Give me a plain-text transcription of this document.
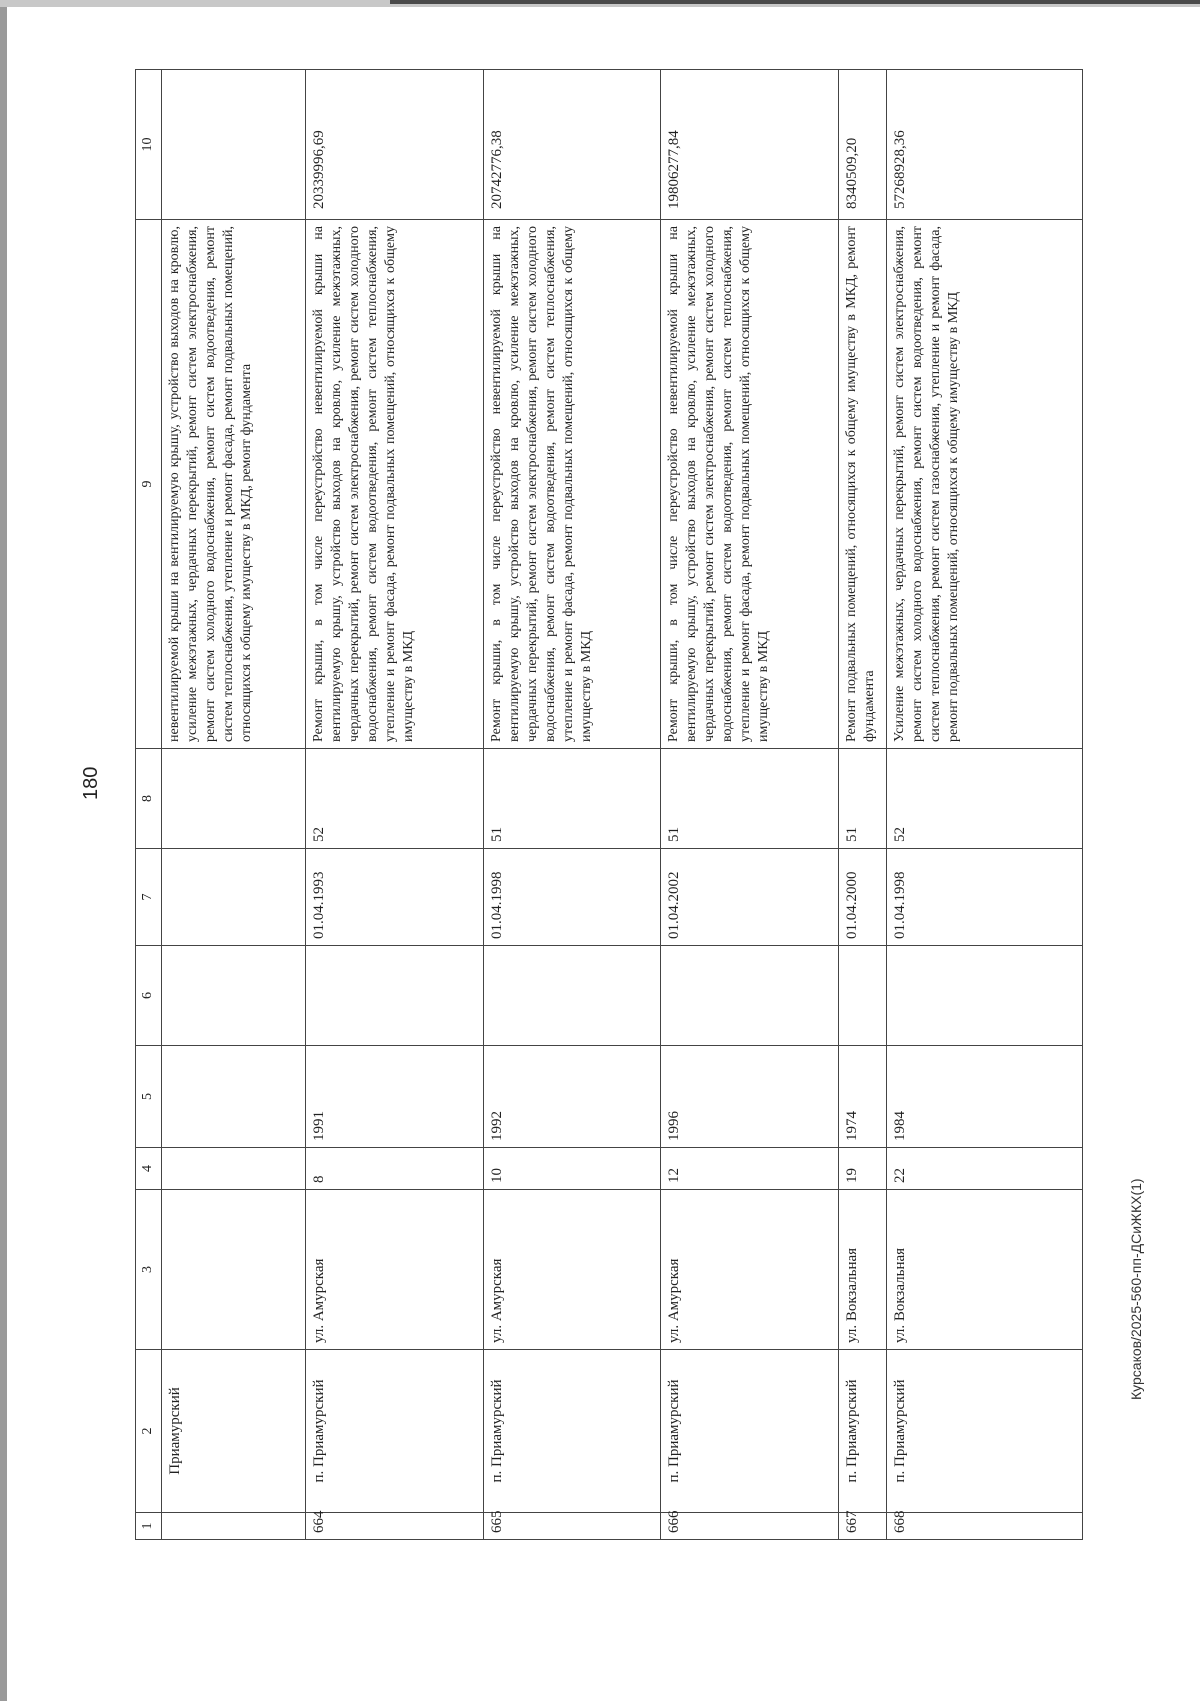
180
Курсаков/2025-560-пп-ДСиЖКХ(1)
1	2	3	4	5	6	7	8	9	10
	Приамурский							невентилируемой крыши на вентилируемую крышу, устройство выходов на кровлю, усиление межэтажных, чердачных перекрытий, ремонт систем электроснабжения, ремонт систем холодного водоснабжения, ремонт систем водоотведения, ремонт систем теплоснабжения, утепление и ремонт фасада, ремонт подвальных помещений, относящихся к общему имуществу в МКД, ремонт фундамента	
664	п. Приамурский	ул. Амурская	8	1991		01.04.1993	52	Ремонт крыши, в том числе переустройство невентилируемой крыши на вентилируемую крышу, устройство выходов на кровлю, усиление межэтажных, чердачных перекрытий, ремонт систем электроснабжения, ремонт систем холодного водоснабжения, ремонт систем водоотведения, ремонт систем теплоснабжения, утепление и ремонт фасада, ремонт подвальных помещений, относящихся к общему имуществу в МКД	20339996,69
665	п. Приамурский	ул. Амурская	10	1992		01.04.1998	51	Ремонт крыши, в том числе переустройство невентилируемой крыши на вентилируемую крышу, устройство выходов на кровлю, усиление межэтажных, чердачных перекрытий, ремонт систем электроснабжения, ремонт систем холодного водоснабжения, ремонт систем водоотведения, ремонт систем теплоснабжения, утепление и ремонт фасада, ремонт подвальных помещений, относящихся к общему имуществу в МКД	20742776,38
666	п. Приамурский	ул. Амурская	12	1996		01.04.2002	51	Ремонт крыши, в том числе переустройство невентилируемой крыши на вентилируемую крышу, устройство выходов на кровлю, усиление межэтажных, чердачных перекрытий, ремонт систем электроснабжения, ремонт систем холодного водоснабжения, ремонт систем водоотведения, ремонт систем теплоснабжения, утепление и ремонт фасада, ремонт подвальных помещений, относящихся к общему имуществу в МКД	19806277,84
667	п. Приамурский	ул. Вокзальная	19	1974		01.04.2000	51	Ремонт подвальных помещений, относящихся к общему имуществу в МКД, ремонт фундамента	8340509,20
668	п. Приамурский	ул. Вокзальная	22	1984		01.04.1998	52	Усиление межэтажных, чердачных перекрытий, ремонт систем электроснабжения, ремонт систем холодного водоснабжения, ремонт систем водоотведения, ремонт систем теплоснабжения, ремонт систем газоснабжения, утепление и ремонт фасада, ремонт подвальных помещений, относящихся к общему имуществу в МКД	57268928,36
